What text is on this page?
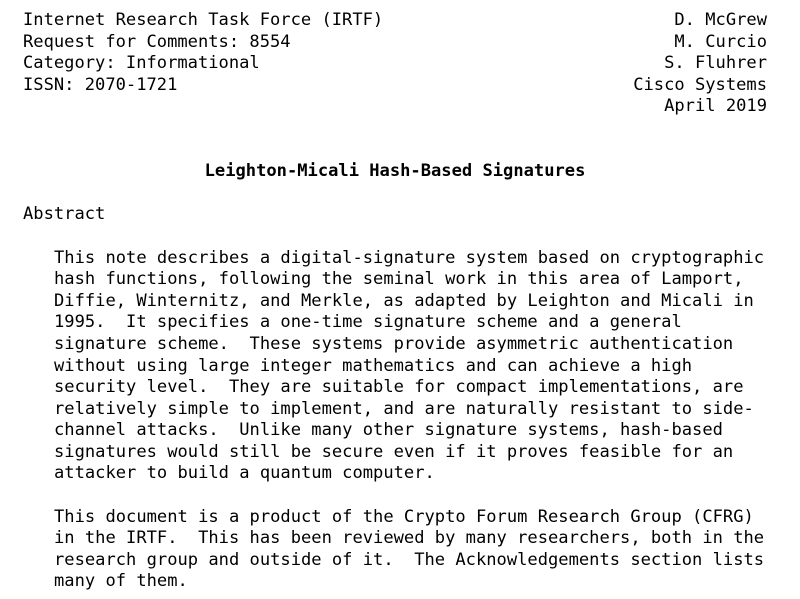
Internet Research Task Force (IRTF)	D. McGrew
Request for Comments: 8554	M. Curcio
Category: Informational	S. Fluhrer
ISSN: 2070-1721	Cisco Systems
April 2019
Leighton-Micali Hash-Based Signatures
Abstract
This note describes a digital-signature system based on cryptographic
hash functions, following the seminal work in this area of Lamport,
Diffie, Winternitz, and Merkle, as adapted by Leighton and Micali in
1995.  It specifies a one-time signature scheme and a general
signature scheme.  These systems provide asymmetric authentication
without using large integer mathematics and can achieve a high
security level.  They are suitable for compact implementations, are
relatively simple to implement, and are naturally resistant to side-
channel attacks.  Unlike many other signature systems, hash-based
signatures would still be secure even if it proves feasible for an
attacker to build a quantum computer.
This document is a product of the Crypto Forum Research Group (CFRG)
in the IRTF.  This has been reviewed by many researchers, both in the
research group and outside of it.  The Acknowledgements section lists
many of them.
